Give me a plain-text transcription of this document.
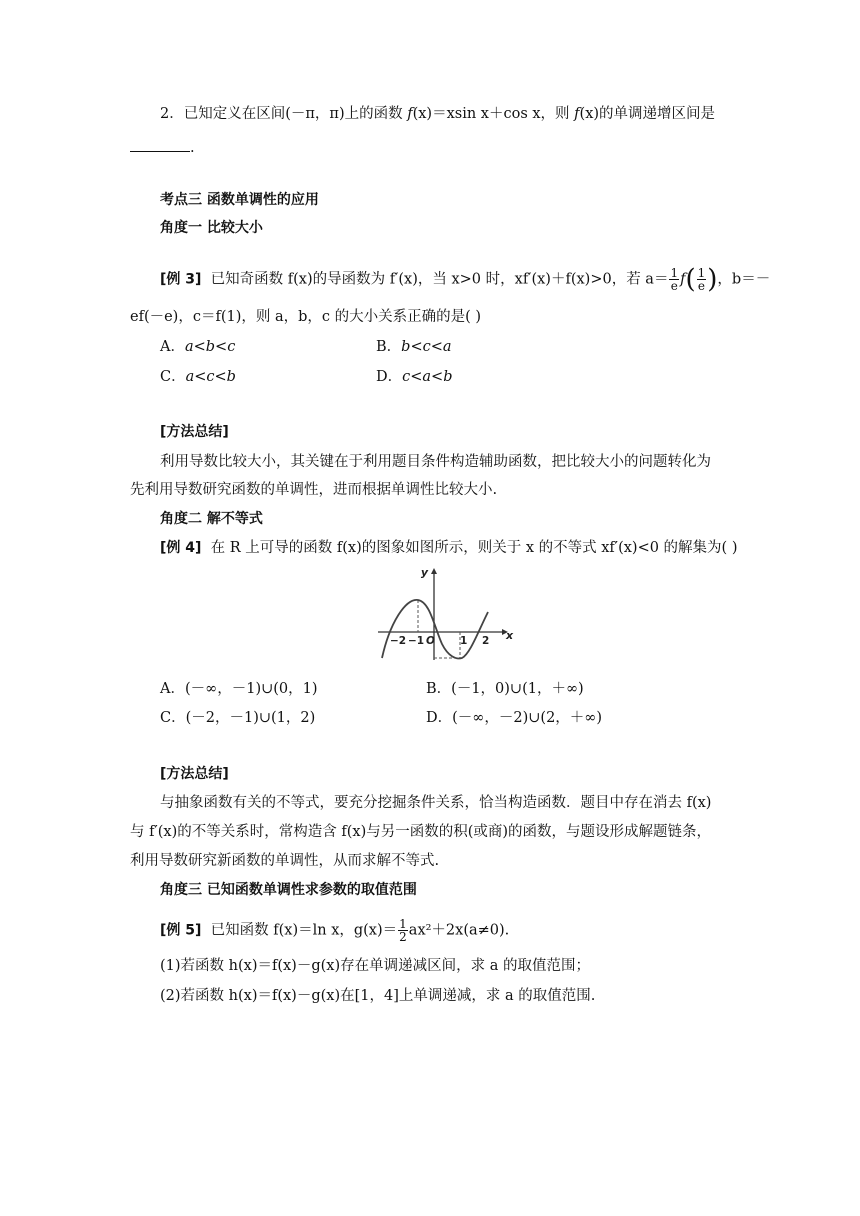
2．已知定义在区间(－π，π)上的函数 f(x)＝xsin x＋cos x，则 f(x)的单调递增区间是
.
考点三 函数单调性的应用
角度一 比较大小
[例 3] 已知奇函数 f(x)的导函数为 f′(x)，当 x>0 时，xf′(x)＋f(x)>0，若 $a= \frac{1}{e} f( \frac{1}{e}$ )，b＝－
ef(－e)，c＝f(1)，则 a，b，c 的大小关系正确的是( )
A．a<b<c	B．b<c<a
C．a<c<b	D．c<a<b
[方法总结]
利用导数比较大小，其关键在于利用题目条件构造辅助函数，把比较大小的问题转化为
先利用导数研究函数的单调性，进而根据单调性比较大小.
角度二 解不等式
[例 4] 在 R 上可导的函数 f(x)的图象如图所示，则关于 x 的不等式 xf′(x)<0 的解集为( )
y
x
−2 −1 O 1 2
A．(－∞，－1)∪(0，1)	B．(－1，0)∪(1，＋∞)
C．(－2，－1)∪(1，2)	D．(－∞，－2)∪(2，＋∞)
[方法总结]
与抽象函数有关的不等式，要充分挖掘条件关系，恰当构造函数．题目中存在消去 f(x)
与 f′(x)的不等关系时，常构造含 f(x)与另一函数的积(或商)的函数，与题设形成解题链条，
利用导数研究新函数的单调性，从而求解不等式.
角度三 已知函数单调性求参数的取值范围
[例 5] 已知函数 f(x)＝ln x，$g(x)= \frac{1}{2} ax^2+2x(a\ne 0)$.
(1)若函数 h(x)＝f(x)－g(x)存在单调递减区间，求 a 的取值范围；
(2)若函数 h(x)＝f(x)－g(x)在[1，4]上单调递减，求 a 的取值范围.
